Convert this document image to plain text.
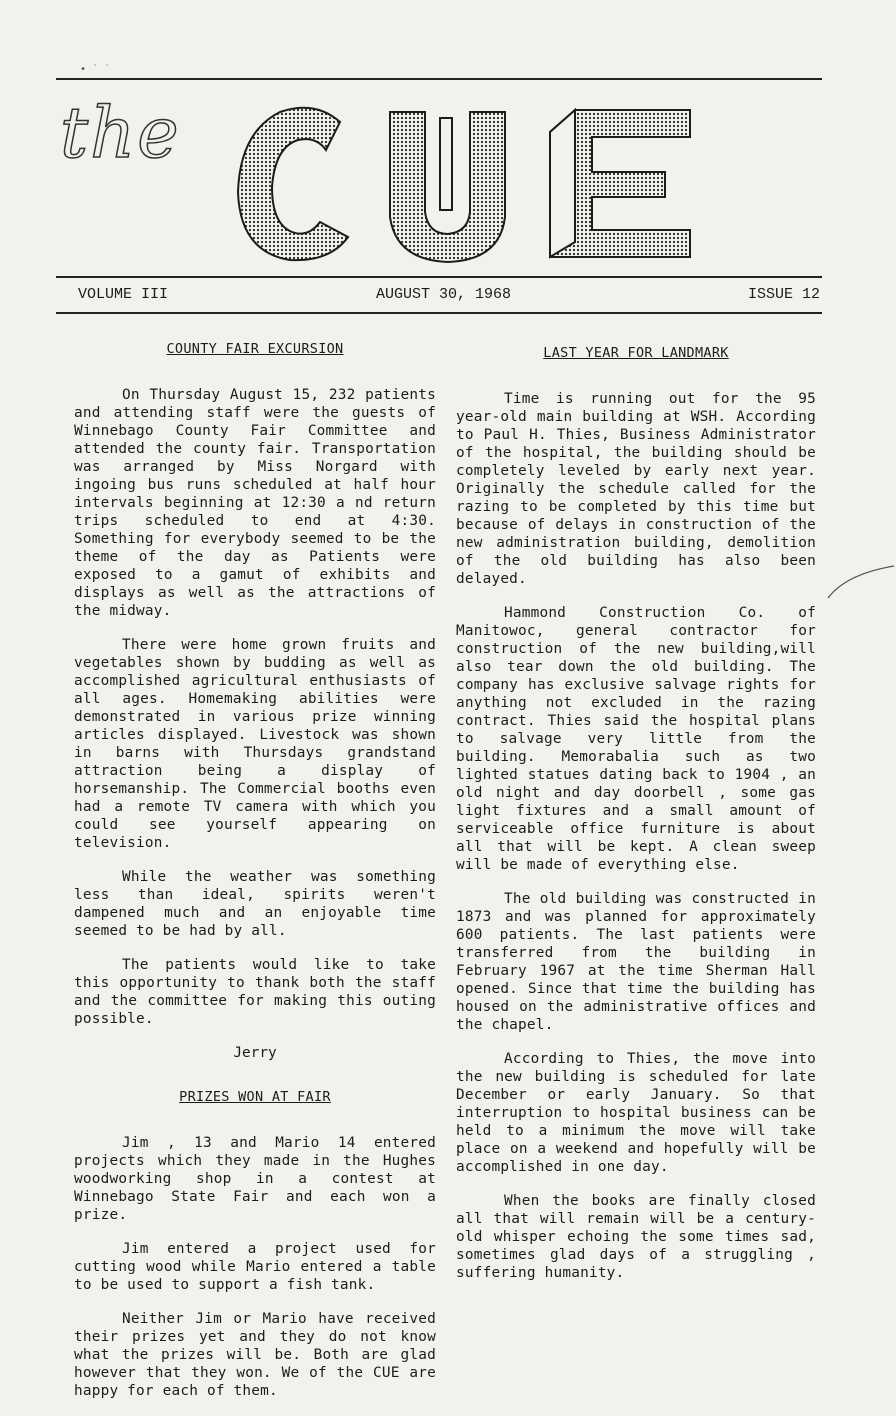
• ˙ ˙
the
VOLUME III	AUGUST 30, 1968	ISSUE 12
COUNTY FAIR EXCURSION

On Thursday August 15, 232 patients and attending staff were the guests of Winnebago County Fair Committee and attended the county fair. Transportation was arranged by Miss Norgard with ingoing bus runs scheduled at half hour intervals beginning at 12:30 a nd return trips scheduled to end at 4:30. Something for everybody seemed to be the theme of the day as Patients were exposed to a gamut of exhibits and displays as well as the attractions of the midway.

There were home grown fruits and vegetables shown by budding as well as accomplished agricultural enthusiasts of all ages. Homemaking abilities were demonstrated in various prize winning articles displayed. Livestock was shown in barns with Thursdays grandstand attraction being a display of horsemanship. The Commercial booths even had a remote TV camera with which you could see yourself appearing on television.

While the weather was something less than ideal, spirits weren't dampened much and an enjoyable time seemed to be had by all.

The patients would like to take this opportunity to thank both the staff and the committee for making this outing possible.

Jerry
PRIZES WON AT FAIR

Jim , 13 and Mario 14 entered projects which they made in the Hughes woodworking shop in a contest at Winnebago State Fair and each won a prize.

Jim entered a project used for cutting wood while Mario entered a table to be used to support a fish tank.

Neither Jim or Mario have received their prizes yet and they do not know what the prizes will be. Both are glad however that they won. We of the CUE are happy for each of them.

LAST YEAR FOR LANDMARK

Time is running out for the 95 year-old main building at WSH. According to Paul H. Thies, Business Administrator of the hospital, the building should be completely leveled by early next year. Originally the schedule called for the razing to be completed by this time but because of delays in construction of the new administration building, demolition of the old building has also been delayed.

Hammond Construction Co. of Manitowoc, general contractor for construction of the new building,will also tear down the old building. The company has exclusive salvage rights for anything not excluded in the razing contract. Thies said the hospital plans to salvage very little from the building. Memorabalia such as two lighted statues dating back to 1904 , an old night and day doorbell , some gas light fixtures and a small amount of serviceable office furniture is about all that will be kept. A clean sweep will be made of everything else.

The old building was constructed in 1873 and was planned for approximately 600 patients. The last patients were transferred from the building in February 1967 at the time Sherman Hall opened. Since that time the building has housed on the administrative offices and the chapel.

According to Thies, the move into the new building is scheduled for late December or early January. So that interruption to hospital business can be held to a minimum the move will take place on a weekend and hopefully will be accomplished in one day.

When the books are finally closed all that will remain will be a century-old whisper echoing the some times sad, sometimes glad days of a struggling , suffering humanity.
